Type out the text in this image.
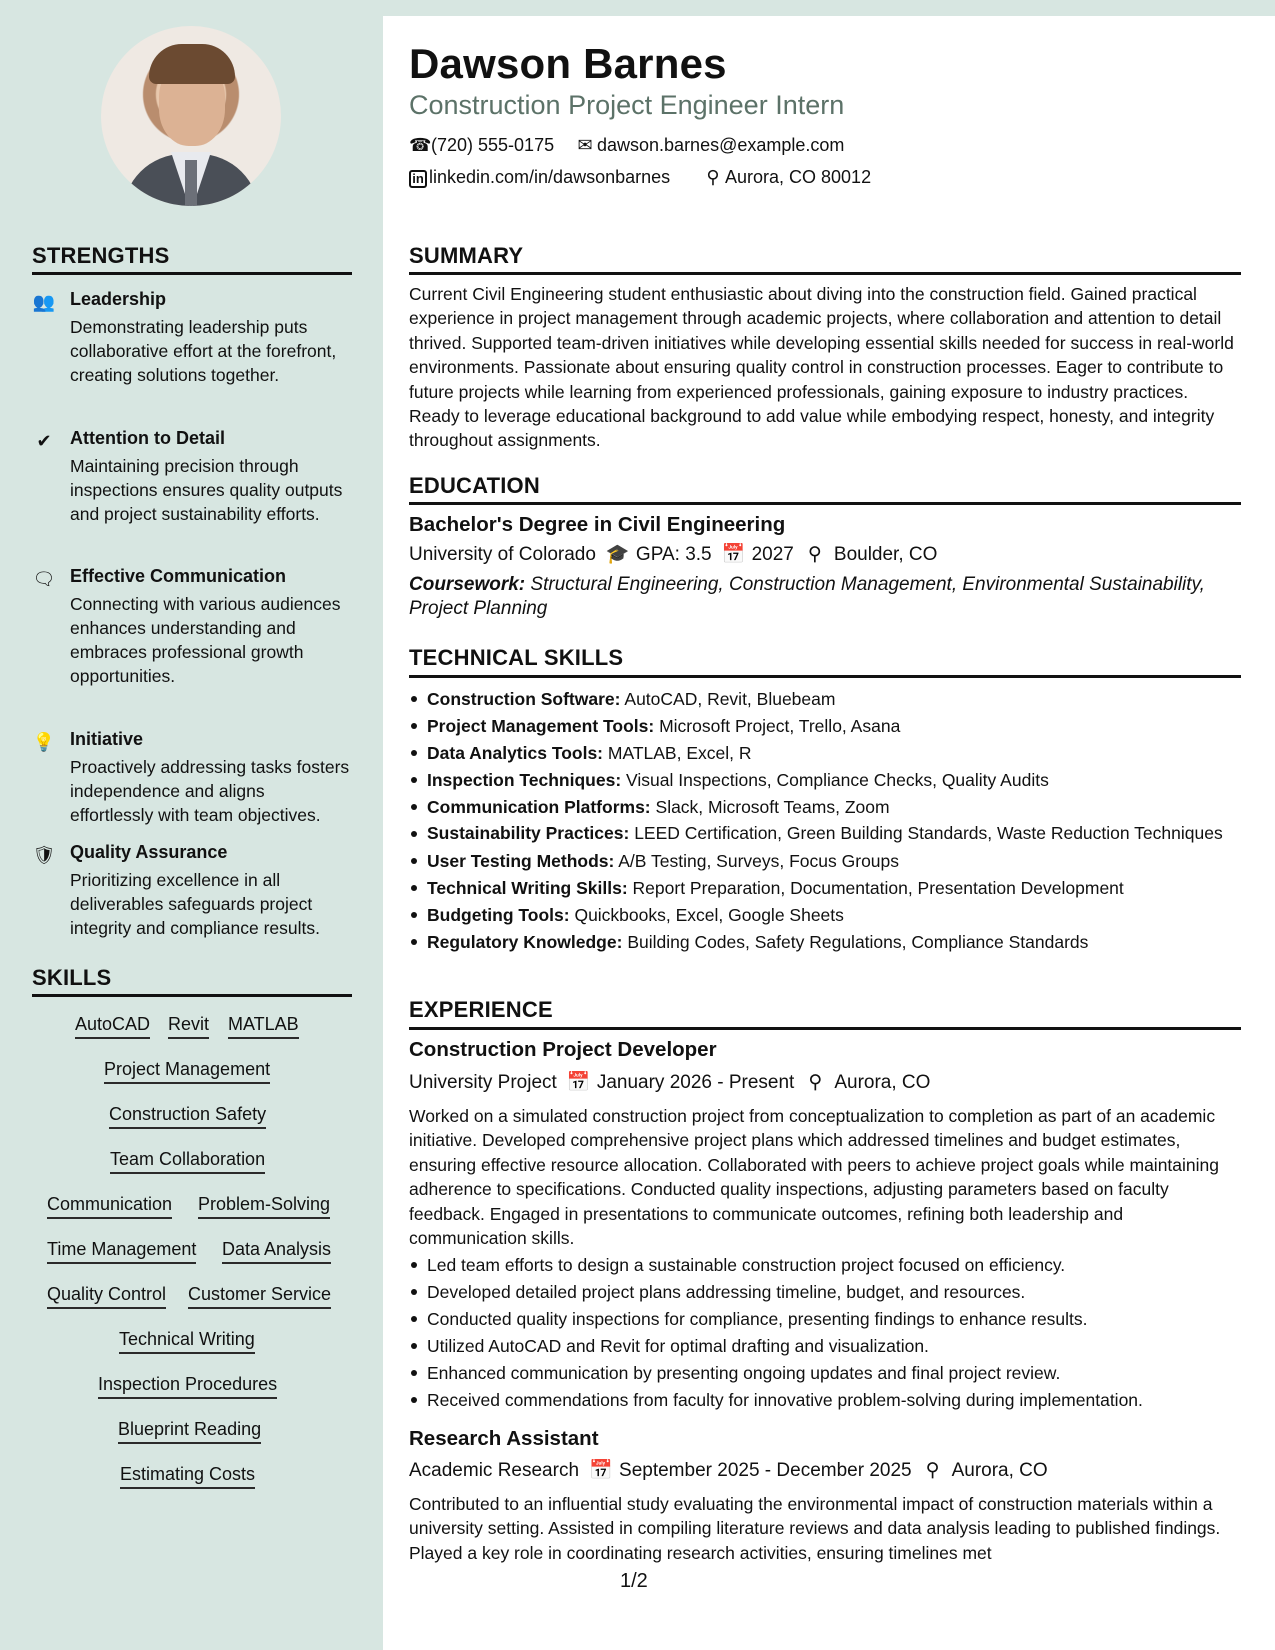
STRENGTHS
👥 Leadership
Demonstrating leadership puts collaborative effort at the forefront, creating solutions together.
✔ Attention to Detail
Maintaining precision through inspections ensures quality outputs and project sustainability efforts.
🗨 Effective Communication
Connecting with various audiences enhances understanding and embraces professional growth opportunities.
💡 Initiative
Proactively addressing tasks fosters independence and aligns effortlessly with team objectives.
🛡 Quality Assurance
Prioritizing excellence in all deliverables safeguards project integrity and compliance results.
SKILLS
AutoCAD Revit MATLAB
Project Management
Construction Safety
Team Collaboration
Communication Problem-Solving
Time Management Data Analysis
Quality Control Customer Service
Technical Writing
Inspection Procedures
Blueprint Reading
Estimating Costs
Dawson Barnes
Construction Project Engineer Intern
☎(720) 555-0175 ✉ dawson.barnes@example.com
in linkedin.com/in/dawsonbarnes ⚲ Aurora, CO 80012
SUMMARY
Current Civil Engineering student enthusiastic about diving into the construction field. Gained practical experience in project management through academic projects, where collaboration and attention to detail thrived. Supported team-driven initiatives while developing essential skills needed for success in real-world environments. Passionate about ensuring quality control in construction processes. Eager to contribute to future projects while learning from experienced professionals, gaining exposure to industry practices. Ready to leverage educational background to add value while embodying respect, honesty, and integrity throughout assignments.
EDUCATION
Bachelor's Degree in Civil Engineering
University of Colorado 🎓 GPA: 3.5 📅 2027 ⚲ Boulder, CO
Coursework: Structural Engineering, Construction Management, Environmental Sustainability, Project Planning
TECHNICAL SKILLS
Construction Software: AutoCAD, Revit, Bluebeam
Project Management Tools: Microsoft Project, Trello, Asana
Data Analytics Tools: MATLAB, Excel, R
Inspection Techniques: Visual Inspections, Compliance Checks, Quality Audits
Communication Platforms: Slack, Microsoft Teams, Zoom
Sustainability Practices: LEED Certification, Green Building Standards, Waste Reduction Techniques
User Testing Methods: A/B Testing, Surveys, Focus Groups
Technical Writing Skills: Report Preparation, Documentation, Presentation Development
Budgeting Tools: Quickbooks, Excel, Google Sheets
Regulatory Knowledge: Building Codes, Safety Regulations, Compliance Standards
EXPERIENCE
Construction Project Developer
University Project 📅 January 2026 - Present ⚲ Aurora, CO
Worked on a simulated construction project from conceptualization to completion as part of an academic initiative. Developed comprehensive project plans which addressed timelines and budget estimates, ensuring effective resource allocation. Collaborated with peers to achieve project goals while maintaining adherence to specifications. Conducted quality inspections, adjusting parameters based on faculty feedback. Engaged in presentations to communicate outcomes, refining both leadership and communication skills.
Led team efforts to design a sustainable construction project focused on efficiency.
Developed detailed project plans addressing timeline, budget, and resources.
Conducted quality inspections for compliance, presenting findings to enhance results.
Utilized AutoCAD and Revit for optimal drafting and visualization.
Enhanced communication by presenting ongoing updates and final project review.
Received commendations from faculty for innovative problem-solving during implementation.
Research Assistant
Academic Research 📅 September 2025 - December 2025 ⚲ Aurora, CO
Contributed to an influential study evaluating the environmental impact of construction materials within a university setting. Assisted in compiling literature reviews and data analysis leading to published findings. Played a key role in coordinating research activities, ensuring timelines met
1/2
